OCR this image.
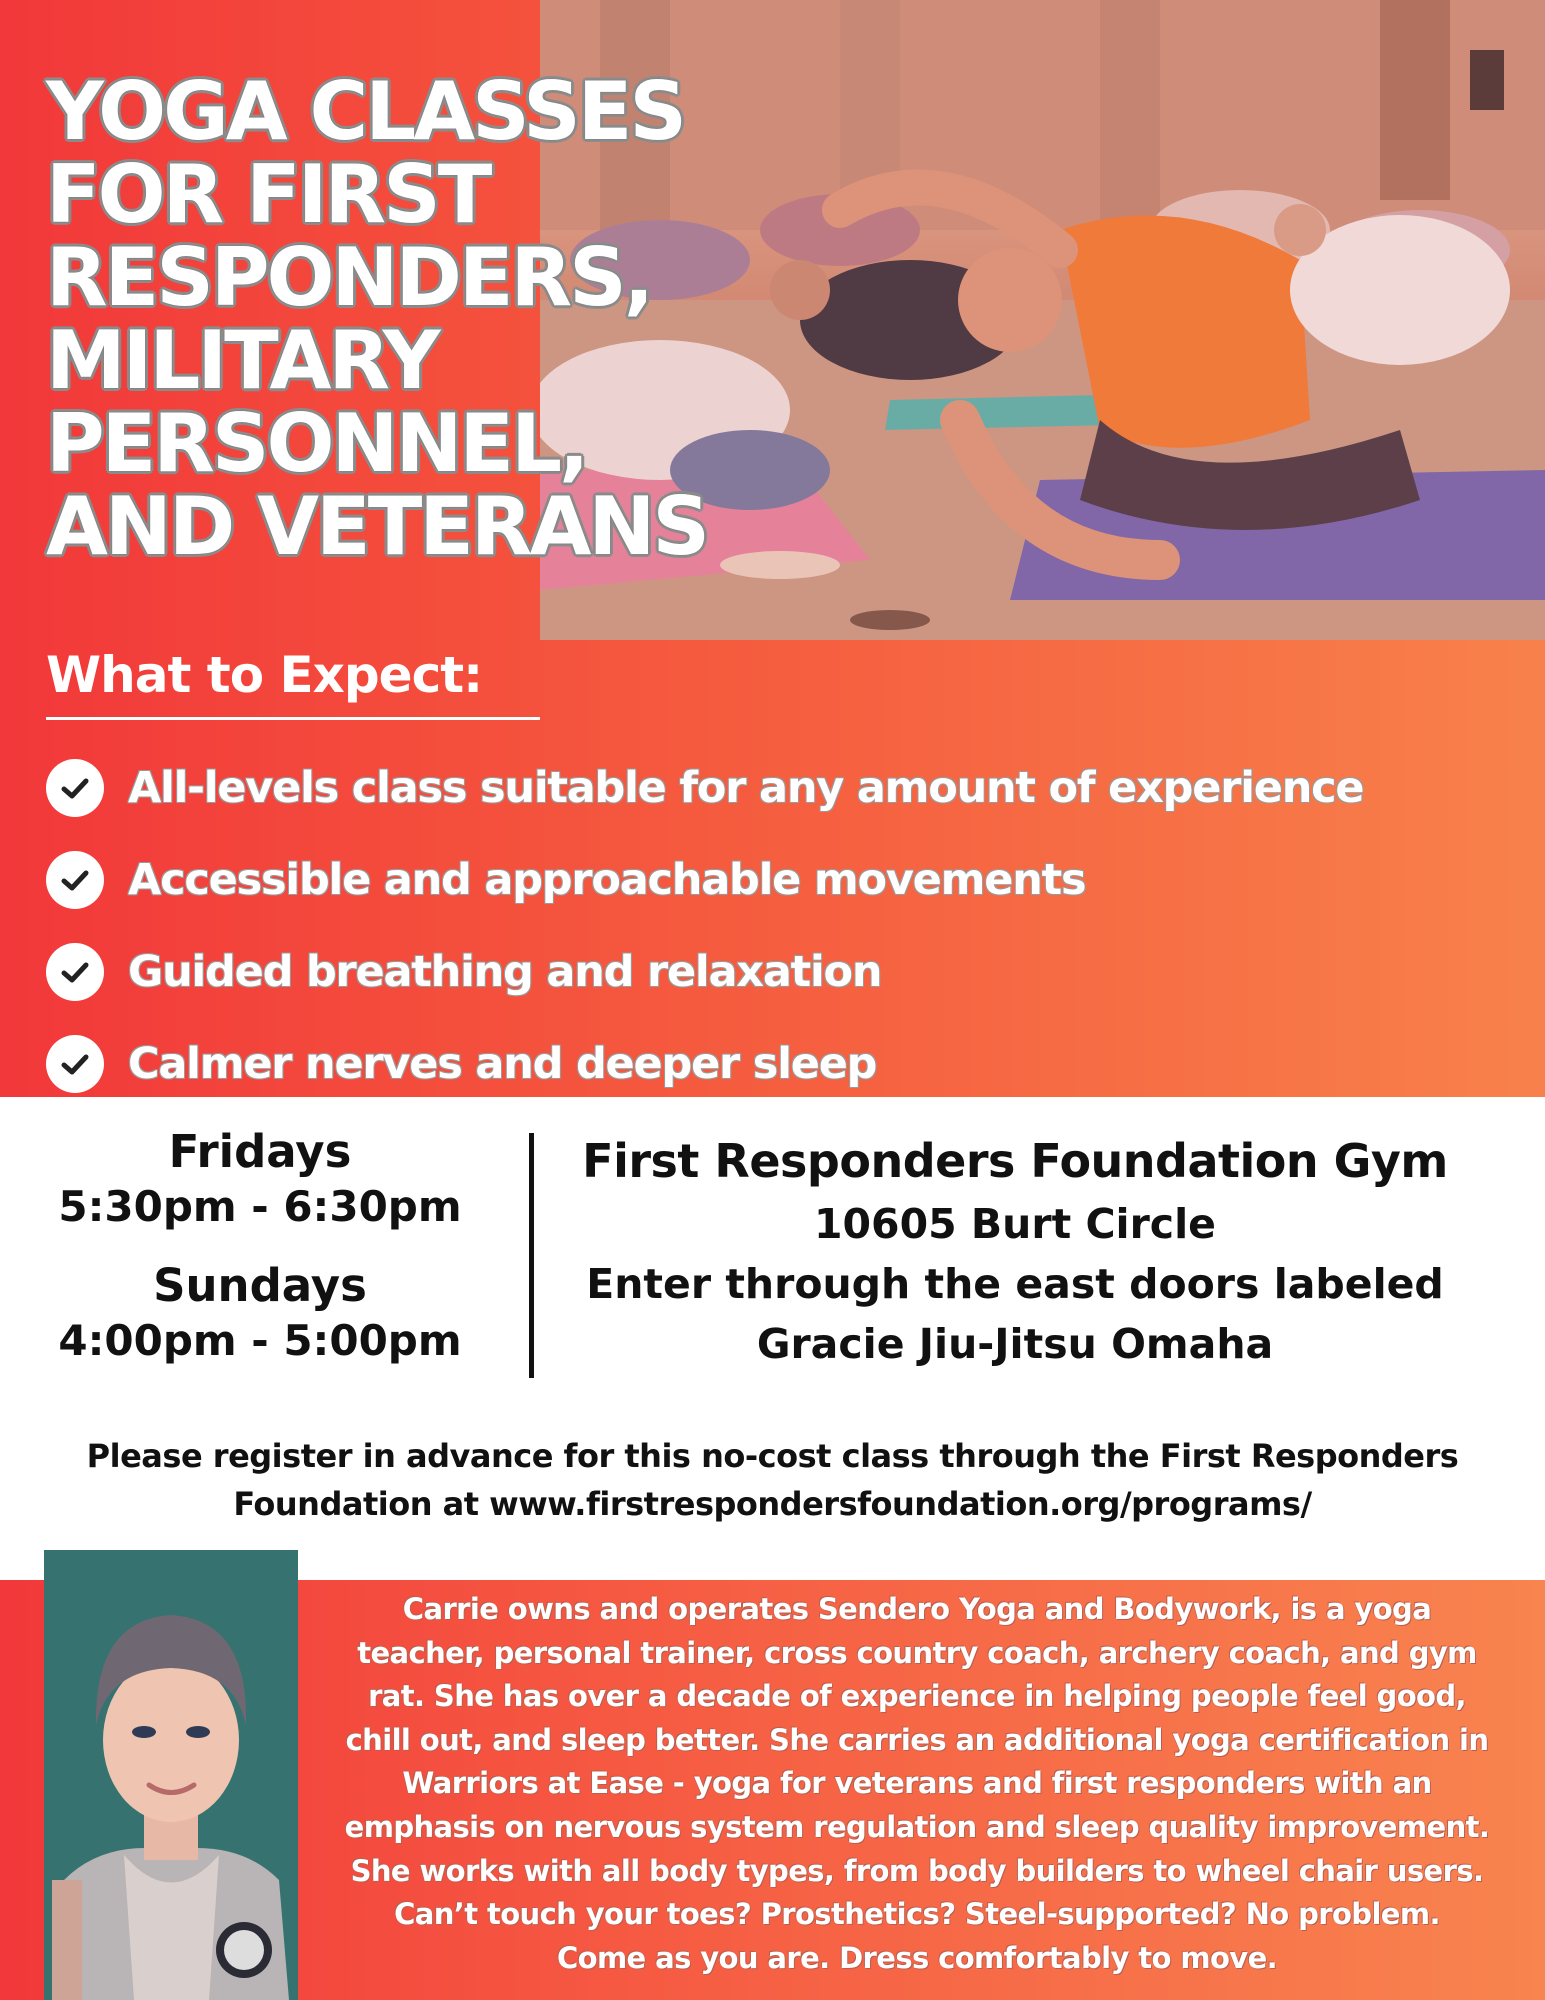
YOGA CLASSES
FOR FIRST
RESPONDERS,
MILITARY
PERSONNEL,
AND VETERANS
What to Expect:
All-levels class suitable for any amount of experience
Accessible and approachable movements
Guided breathing and relaxation
Calmer nerves and deeper sleep
Fridays
5:30pm - 6:30pm
Sundays
4:00pm - 5:00pm
First Responders Foundation Gym
10605 Burt Circle
Enter through the east doors labeled
Gracie Jiu-Jitsu Omaha
Please register in advance for this no-cost class through the First Responders
Foundation at www.firstrespondersfoundation.org/programs/
Carrie owns and operates Sendero Yoga and Bodywork, is a yoga
teacher, personal trainer, cross country coach, archery coach, and gym
rat. She has over a decade of experience in helping people feel good,
chill out, and sleep better. She carries an additional yoga certification in
Warriors at Ease - yoga for veterans and first responders with an
emphasis on nervous system regulation and sleep quality improvement.
She works with all body types, from body builders to wheel chair users.
Can’t touch your toes? Prosthetics? Steel-supported? No problem.
Come as you are. Dress comfortably to move.
